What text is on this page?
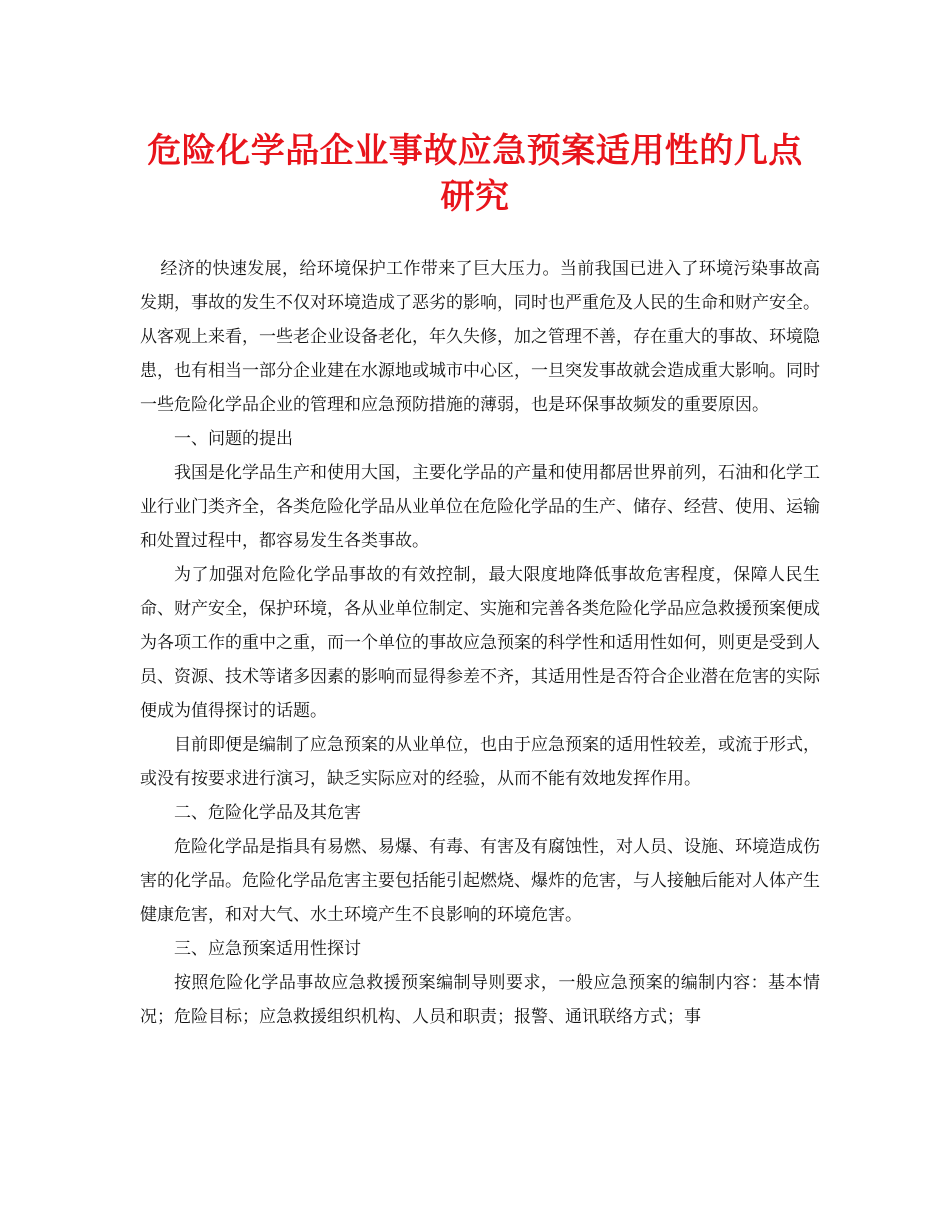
危险化学品企业事故应急预案适用性的几点
研究

经济的快速发展，给环境保护工作带来了巨大压力。当前我国已进入了环境污染事故高发期，事故的发生不仅对环境造成了恶劣的影响，同时也严重危及人民的生命和财产安全。从客观上来看，一些老企业设备老化，年久失修，加之管理不善，存在重大的事故、环境隐患，也有相当一部分企业建在水源地或城市中心区，一旦突发事故就会造成重大影响。同时一些危险化学品企业的管理和应急预防措施的薄弱，也是环保事故频发的重要原因。

一、问题的提出

我国是化学品生产和使用大国，主要化学品的产量和使用都居世界前列，石油和化学工业行业门类齐全，各类危险化学品从业单位在危险化学品的生产、储存、经营、使用、运输和处置过程中，都容易发生各类事故。

为了加强对危险化学品事故的有效控制，最大限度地降低事故危害程度，保障人民生命、财产安全，保护环境，各从业单位制定、实施和完善各类危险化学品应急救援预案便成为各项工作的重中之重，而一个单位的事故应急预案的科学性和适用性如何，则更是受到人员、资源、技术等诸多因素的影响而显得参差不齐，其适用性是否符合企业潜在危害的实际便成为值得探讨的话题。

目前即便是编制了应急预案的从业单位，也由于应急预案的适用性较差，或流于形式，或没有按要求进行演习，缺乏实际应对的经验，从而不能有效地发挥作用。

二、危险化学品及其危害

危险化学品是指具有易燃、易爆、有毒、有害及有腐蚀性，对人员、设施、环境造成伤害的化学品。危险化学品危害主要包括能引起燃烧、爆炸的危害，与人接触后能对人体产生健康危害，和对大气、水土环境产生不良影响的环境危害。

三、应急预案适用性探讨

按照危险化学品事故应急救援预案编制导则要求，一般应急预案的编制内容：基本情况；危险目标；应急救援组织机构、人员和职责；报警、通讯联络方式；事
